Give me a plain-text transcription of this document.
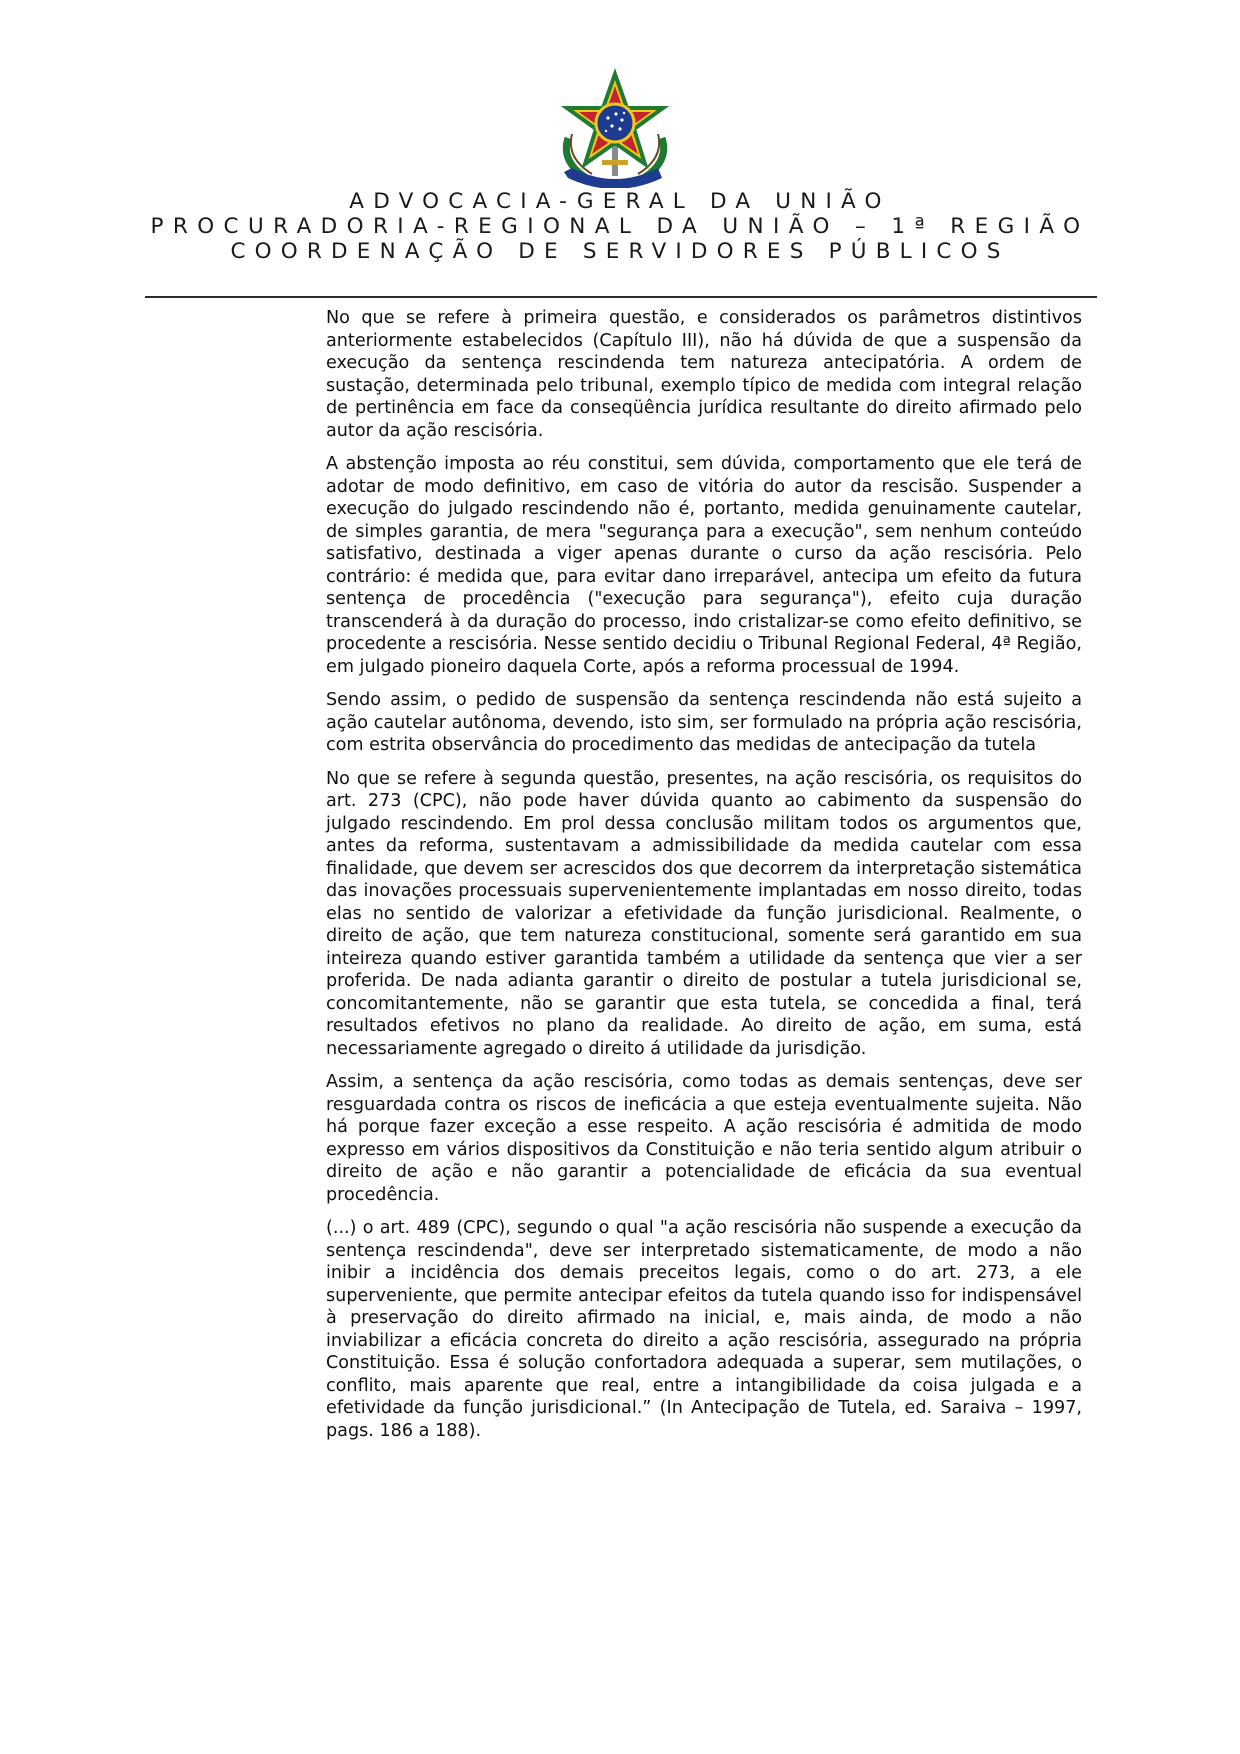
ADVOCACIA-GERAL DA UNIÃO
PROCURADORIA-REGIONAL DA UNIÃO – 1ª REGIÃO
COORDENAÇÃO DE SERVIDORES PÚBLICOS

No que se refere à primeira questão, e considerados os parâmetros distintivos anteriormente estabelecidos (Capítulo III), não há dúvida de que a suspensão da execução da sentença rescindenda tem natureza antecipatória. A ordem de sustação, determinada pelo tribunal, exemplo típico de medida com integral relação de pertinência em face da conseqüência jurídica resultante do direito afirmado pelo autor da ação rescisória.

A abstenção imposta ao réu constitui, sem dúvida, comportamento que ele terá de adotar de modo definitivo, em caso de vitória do autor da rescisão. Suspender a execução do julgado rescindendo não é, portanto, medida genuinamente cautelar, de simples garantia, de mera "segurança para a execução", sem nenhum conteúdo satisfativo, destinada a viger apenas durante o curso da ação rescisória. Pelo contrário: é medida que, para evitar dano irreparável, antecipa um efeito da futura sentença de procedência ("execução para segurança"), efeito cuja duração transcenderá à da duração do processo, indo cristalizar-se como efeito definitivo, se procedente a rescisória. Nesse sentido decidiu o Tribunal Regional Federal, 4ª Região, em julgado pioneiro daquela Corte, após a reforma processual de 1994.

Sendo assim, o pedido de suspensão da sentença rescindenda não está sujeito a ação cautelar autônoma, devendo, isto sim, ser formulado na própria ação rescisória, com estrita observância do procedimento das medidas de antecipação da tutela

No que se refere à segunda questão, presentes, na ação rescisória, os requisitos do art. 273 (CPC), não pode haver dúvida quanto ao cabimento da suspensão do julgado rescindendo. Em prol dessa conclusão militam todos os argumentos que, antes da reforma, sustentavam a admissibilidade da medida cautelar com essa finalidade, que devem ser acrescidos dos que decorrem da interpretação sistemática das inovações processuais supervenientemente implantadas em nosso direito, todas elas no sentido de valorizar a efetividade da função jurisdicional. Realmente, o direito de ação, que tem natureza constitucional, somente será garantido em sua inteireza quando estiver garantida também a utilidade da sentença que vier a ser proferida. De nada adianta garantir o direito de postular a tutela jurisdicional se, concomitantemente, não se garantir que esta tutela, se concedida a final, terá resultados efetivos no plano da realidade. Ao direito de ação, em suma, está necessariamente agregado o direito á utilidade da jurisdição.

Assim, a sentença da ação rescisória, como todas as demais sentenças, deve ser resguardada contra os riscos de ineficácia a que esteja eventualmente sujeita. Não há porque fazer exceção a esse respeito. A ação rescisória é admitida de modo expresso em vários dispositivos da Constituição e não teria sentido algum atribuir o direito de ação e não garantir a potencialidade de eficácia da sua eventual procedência.

(...) o art. 489 (CPC), segundo o qual "a ação rescisória não suspende a execução da sentença rescindenda", deve ser interpretado sistematicamente, de modo a não inibir a incidência dos demais preceitos legais, como o do art. 273, a ele superveniente, que permite antecipar efeitos da tutela quando isso for indispensável à preservação do direito afirmado na inicial, e, mais ainda, de modo a não inviabilizar a eficácia concreta do direito a ação rescisória, assegurado na própria Constituição. Essa é solução confortadora adequada a superar, sem mutilações, o conflito, mais aparente que real, entre a intangibilidade da coisa julgada e a efetividade da função jurisdicional.” (In Antecipação de Tutela, ed. Saraiva – 1997, pags. 186 a 188).
